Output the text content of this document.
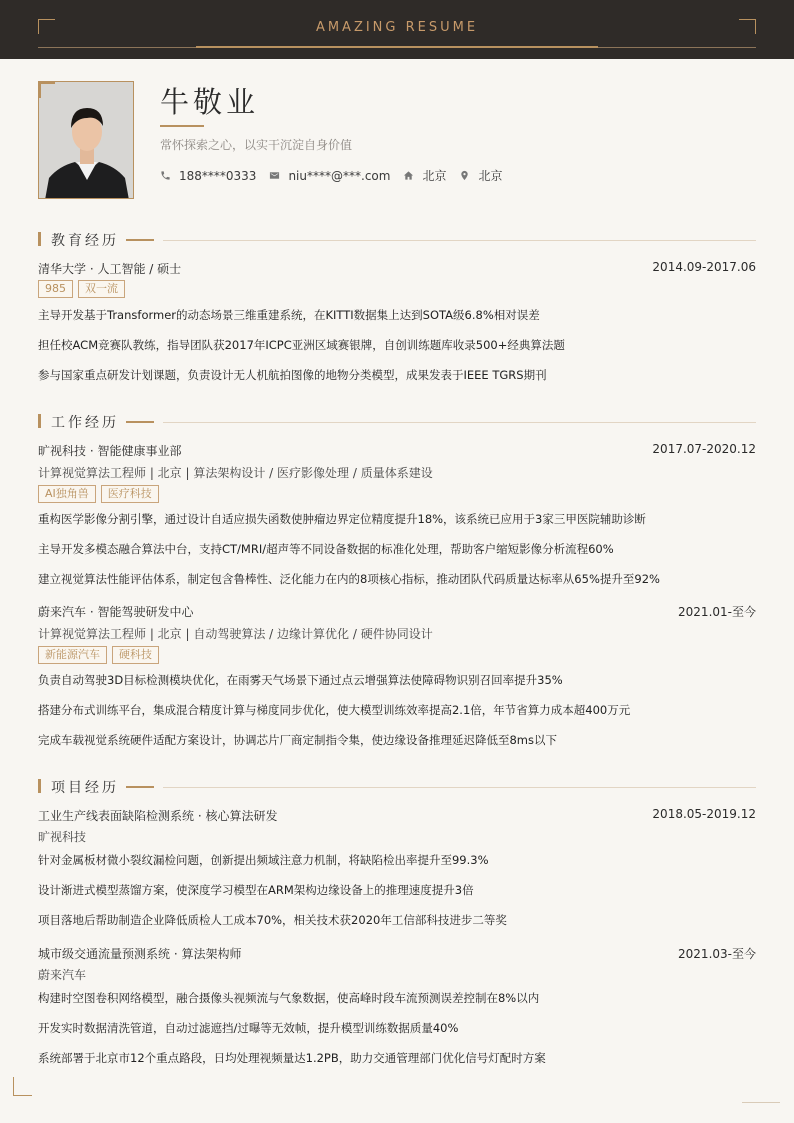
AMAZING RESUME
牛敬业
常怀探索之心，以实干沉淀自身价值
188****0333	niu****@***.com	北京	北京
教育经历
清华大学 · 人工智能 / 硕士	2014.09-2017.06
985	双一流
主导开发基于Transformer的动态场景三维重建系统，在KITTI数据集上达到SOTA级6.8%相对误差
担任校ACM竞赛队教练，指导团队获2017年ICPC亚洲区域赛银牌，自创训练题库收录500+经典算法题
参与国家重点研发计划课题，负责设计无人机航拍图像的地物分类模型，成果发表于IEEE TGRS期刊
工作经历
旷视科技 · 智能健康事业部	2017.07-2020.12
计算视觉算法工程师 | 北京 | 算法架构设计 / 医疗影像处理 / 质量体系建设
AI独角兽	医疗科技
重构医学影像分割引擎，通过设计自适应损失函数使肿瘤边界定位精度提升18%，该系统已应用于3家三甲医院辅助诊断
主导开发多模态融合算法中台，支持CT/MRI/超声等不同设备数据的标准化处理，帮助客户缩短影像分析流程60%
建立视觉算法性能评估体系，制定包含鲁棒性、泛化能力在内的8项核心指标，推动团队代码质量达标率从65%提升至92%
蔚来汽车 · 智能驾驶研发中心	2021.01-至今
计算视觉算法工程师 | 北京 | 自动驾驶算法 / 边缘计算优化 / 硬件协同设计
新能源汽车	硬科技
负责自动驾驶3D目标检测模块优化，在雨雾天气场景下通过点云增强算法使障碍物识别召回率提升35%
搭建分布式训练平台，集成混合精度计算与梯度同步优化，使大模型训练效率提高2.1倍，年节省算力成本超400万元
完成车载视觉系统硬件适配方案设计，协调芯片厂商定制指令集，使边缘设备推理延迟降低至8ms以下
项目经历
工业生产线表面缺陷检测系统 · 核心算法研发	2018.05-2019.12
旷视科技
针对金属板材微小裂纹漏检问题，创新提出频域注意力机制，将缺陷检出率提升至99.3%
设计渐进式模型蒸馏方案，使深度学习模型在ARM架构边缘设备上的推理速度提升3倍
项目落地后帮助制造企业降低质检人工成本70%，相关技术获2020年工信部科技进步二等奖
城市级交通流量预测系统 · 算法架构师	2021.03-至今
蔚来汽车
构建时空图卷积网络模型，融合摄像头视频流与气象数据，使高峰时段车流预测误差控制在8%以内
开发实时数据清洗管道，自动过滤遮挡/过曝等无效帧，提升模型训练数据质量40%
系统部署于北京市12个重点路段，日均处理视频量达1.2PB，助力交通管理部门优化信号灯配时方案
